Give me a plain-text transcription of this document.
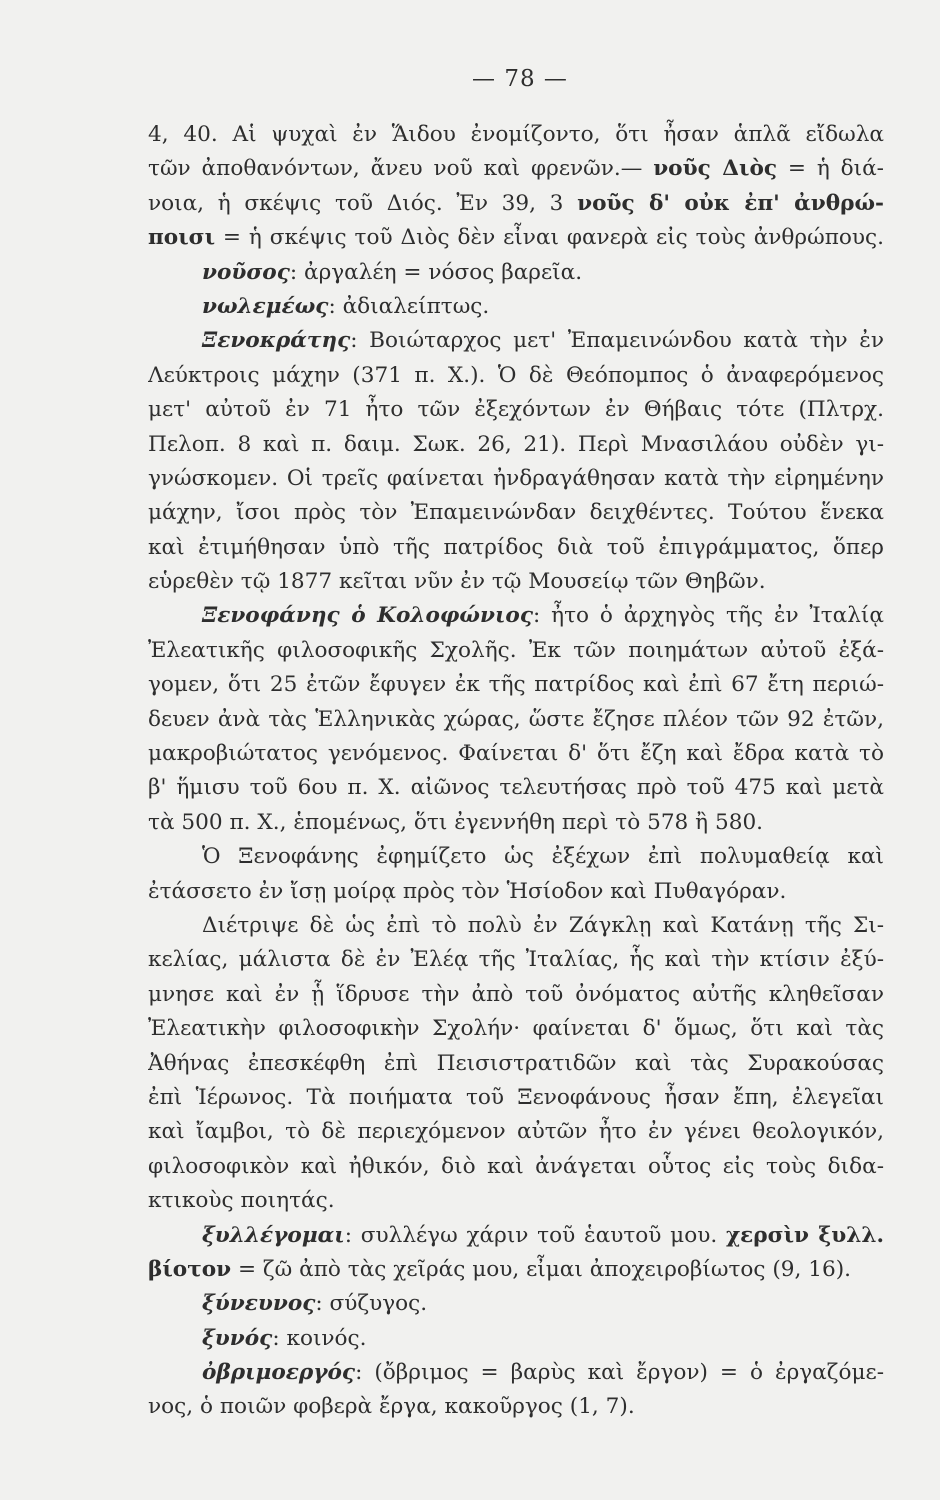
— 78 —
4, 40. Αἱ ψυχαὶ ἐν Ἅιδου ἐνομίζοντο, ὅτι ἦσαν ἁπλᾶ εἴδωλα
τῶν ἀποθανόντων, ἄνευ νοῦ καὶ φρενῶν.— νοῦς Διὸς = ἡ διά-
νοια, ἡ σκέψις τοῦ Διός. Ἐν 39, 3 νοῦς δ' οὐκ ἐπ' ἀνθρώ-
ποισι = ἡ σκέψις τοῦ Διὸς δὲν εἶναι φανερὰ εἰς τοὺς ἀνθρώπους.
νοῦσος: ἀργαλέη = νόσος βαρεῖα.
νωλεμέως: ἀδιαλείπτως.
Ξενοκράτης: Βοιώταρχος μετ' Ἐπαμεινώνδου κατὰ τὴν ἐν
Λεύκτροις μάχην (371 π. Χ.). Ὁ δὲ Θεόπομπος ὁ ἀναφερόμενος
μετ' αὐτοῦ ἐν 71 ἦτο τῶν ἐξεχόντων ἐν Θήβαις τότε (Πλτρχ.
Πελοπ. 8 καὶ π. δαιμ. Σωκ. 26, 21). Περὶ Μνασιλάου οὐδὲν γι-
γνώσκομεν. Οἱ τρεῖς φαίνεται ἠνδραγάθησαν κατὰ τὴν εἰρημένην
μάχην, ἴσοι πρὸς τὸν Ἐπαμεινώνδαν δειχθέντες. Τούτου ἕνεκα
καὶ ἐτιμήθησαν ὑπὸ τῆς πατρίδος διὰ τοῦ ἐπιγράμματος, ὅπερ
εὑρεθὲν τῷ 1877 κεῖται νῦν ἐν τῷ Μουσείῳ τῶν Θηβῶν.
Ξενοφάνης ὁ Κολοφώνιος: ἦτο ὁ ἀρχηγὸς τῆς ἐν Ἰταλίᾳ
Ἐλεατικῆς φιλοσοφικῆς Σχολῆς. Ἐκ τῶν ποιημάτων αὐτοῦ ἐξά-
γομεν, ὅτι 25 ἐτῶν ἔφυγεν ἐκ τῆς πατρίδος καὶ ἐπὶ 67 ἔτη περιώ-
δευεν ἀνὰ τὰς Ἑλληνικὰς χώρας, ὥστε ἔζησε πλέον τῶν 92 ἐτῶν,
μακροβιώτατος γενόμενος. Φαίνεται δ' ὅτι ἔζη καὶ ἔδρα κατὰ τὸ
β' ἥμισυ τοῦ 6ου π. Χ. αἰῶνος τελευτήσας πρὸ τοῦ 475 καὶ μετὰ
τὰ 500 π. Χ., ἑπομένως, ὅτι ἐγεννήθη περὶ τὸ 578 ἢ 580.
Ὁ Ξενοφάνης ἐφημίζετο ὡς ἐξέχων ἐπὶ πολυμαθείᾳ καὶ
ἐτάσσετο ἐν ἴσῃ μοίρᾳ πρὸς τὸν Ἡσίοδον καὶ Πυθαγόραν.
Διέτριψε δὲ ὡς ἐπὶ τὸ πολὺ ἐν Ζάγκλῃ καὶ Κατάνῃ τῆς Σι-
κελίας, μάλιστα δὲ ἐν Ἐλέᾳ τῆς Ἰταλίας, ἧς καὶ τὴν κτίσιν ἐξύ-
μνησε καὶ ἐν ᾗ ἵδρυσε τὴν ἀπὸ τοῦ ὀνόματος αὐτῆς κληθεῖσαν
Ἐλεατικὴν φιλοσοφικὴν Σχολήν· φαίνεται δ' ὅμως, ὅτι καὶ τὰς
Ἀθήνας ἐπεσκέφθη ἐπὶ Πεισιστρατιδῶν καὶ τὰς Συρακούσας
ἐπὶ Ἱέρωνος. Τὰ ποιήματα τοῦ Ξενοφάνους ἦσαν ἔπη, ἐλεγεῖαι
καὶ ἴαμβοι, τὸ δὲ περιεχόμενον αὐτῶν ἦτο ἐν γένει θεολογικόν,
φιλοσοφικὸν καὶ ἠθικόν, διὸ καὶ ἀνάγεται οὗτος εἰς τοὺς διδα-
κτικοὺς ποιητάς.
ξυλλέγομαι: συλλέγω χάριν τοῦ ἑαυτοῦ μου. χερσὶν ξυλλ.
βίοτον = ζῶ ἀπὸ τὰς χεῖράς μου, εἶμαι ἀποχειροβίωτος (9, 16).
ξύνευνος: σύζυγος.
ξυνός: κοινός.
ὀβριμοεργός: (ὄβριμος = βαρὺς καὶ ἔργον) = ὁ ἐργαζόμε-
νος, ὁ ποιῶν φοβερὰ ἔργα, κακοῦργος (1, 7).
